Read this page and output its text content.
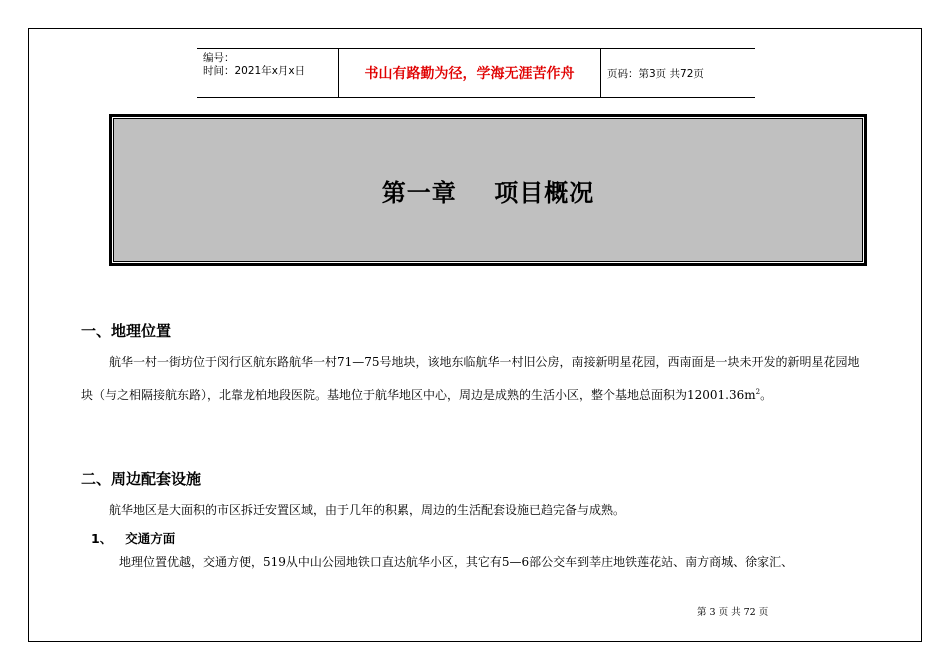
编号：
时间：2021年x月x日	书山有路勤为径，学海无涯苦作舟	页码：第3页 共72页
第一章    项目概况
一、地理位置

航华一村一街坊位于闵行区航东路航华一村71—75号地块，该地东临航华一村旧公房，南接新明星花园，西南面是一块未开发的新明星花园地块（与之相隔接航东路），北靠龙柏地段医院。基地位于航华地区中心，周边是成熟的生活小区，整个基地总面积为$12001.36m^2$。

二、周边配套设施

航华地区是大面积的市区拆迁安置区域，由于几年的积累，周边的生活配套设施已趋完备与成熟。

1、   交通方面

地理位置优越，交通方便，519从中山公园地铁口直达航华小区，其它有5—6部公交车到莘庄地铁莲花站、南方商城、徐家汇、

第 3 页 共 72 页
